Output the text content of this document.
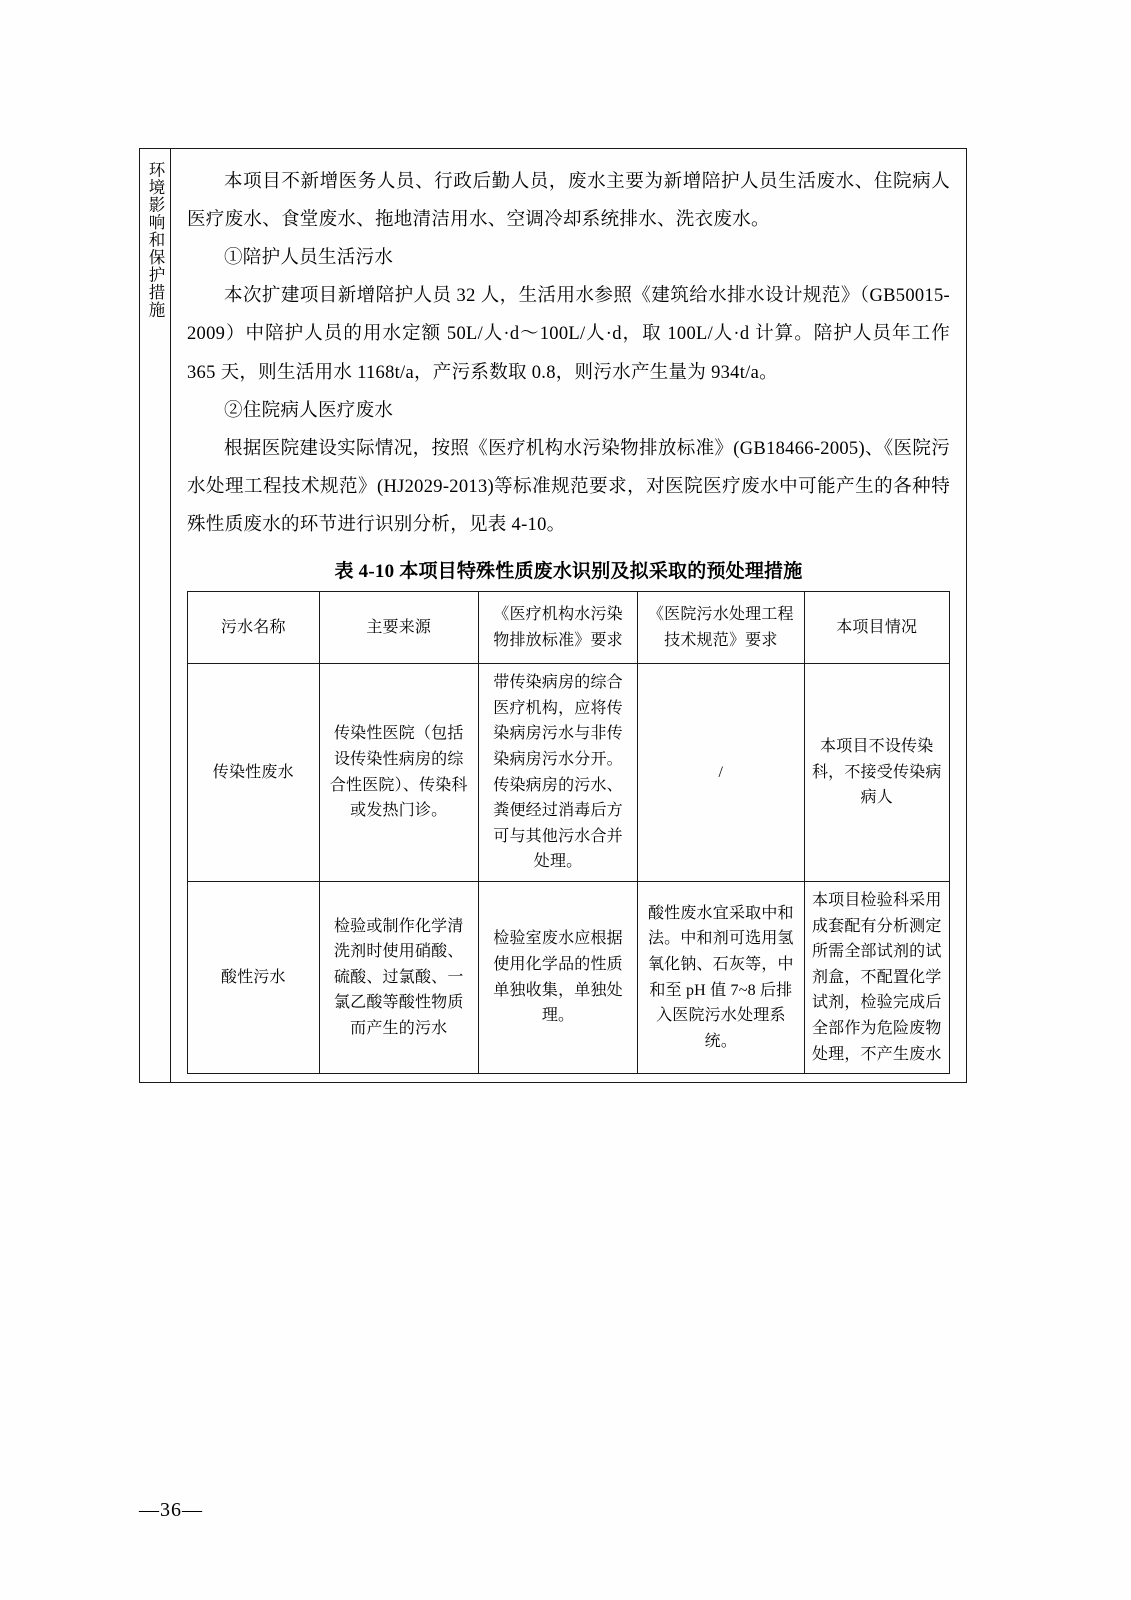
环境影响和保护措施	本项目不新增医务人员、行政后勤人员，废水主要为新增陪护人员生活废水、住院病人医疗废水、食堂废水、拖地清洁用水、空调冷却系统排水、洗衣废水。

①陪护人员生活污水

本次扩建项目新增陪护人员 32 人，生活用水参照《建筑给水排水设计规范》（GB50015-2009）中陪护人员的用水定额 50L/人·d～100L/人·d，取 100L/人·d 计算。陪护人员年工作 365 天，则生活用水 1168t/a，产污系数取 0.8，则污水产生量为 934t/a。

②住院病人医疗废水

根据医院建设实际情况，按照《医疗机构水污染物排放标准》(GB18466-2005)、《医院污水处理工程技术规范》(HJ2029-2013)等标准规范要求，对医院医疗废水中可能产生的各种特殊性质废水的环节进行识别分析，见表 4-10。

表 4-10 本项目特殊性质废水识别及拟采取的预处理措施
污水名称	主要来源	《医疗机构水污染物排放标准》要求	《医院污水处理工程技术规范》要求	本项目情况
传染性废水	传染性医院（包括设传染性病房的综合性医院）、传染科或发热门诊。	带传染病房的综合医疗机构，应将传染病房污水与非传染病房污水分开。传染病房的污水、粪便经过消毒后方可与其他污水合并处理。	/	本项目不设传染科，不接受传染病病人
酸性污水	检验或制作化学清洗剂时使用硝酸、硫酸、过氯酸、一氯乙酸等酸性物质而产生的污水	检验室废水应根据使用化学品的性质单独收集，单独处理。	酸性废水宜采取中和法。中和剂可选用氢氧化钠、石灰等，中和至 pH 值 7~8 后排入医院污水处理系统。	本项目检验科采用成套配有分析测定所需全部试剂的试剂盒，不配置化学试剂，检验完成后全部作为危险废物处理，不产生废水
—36—
